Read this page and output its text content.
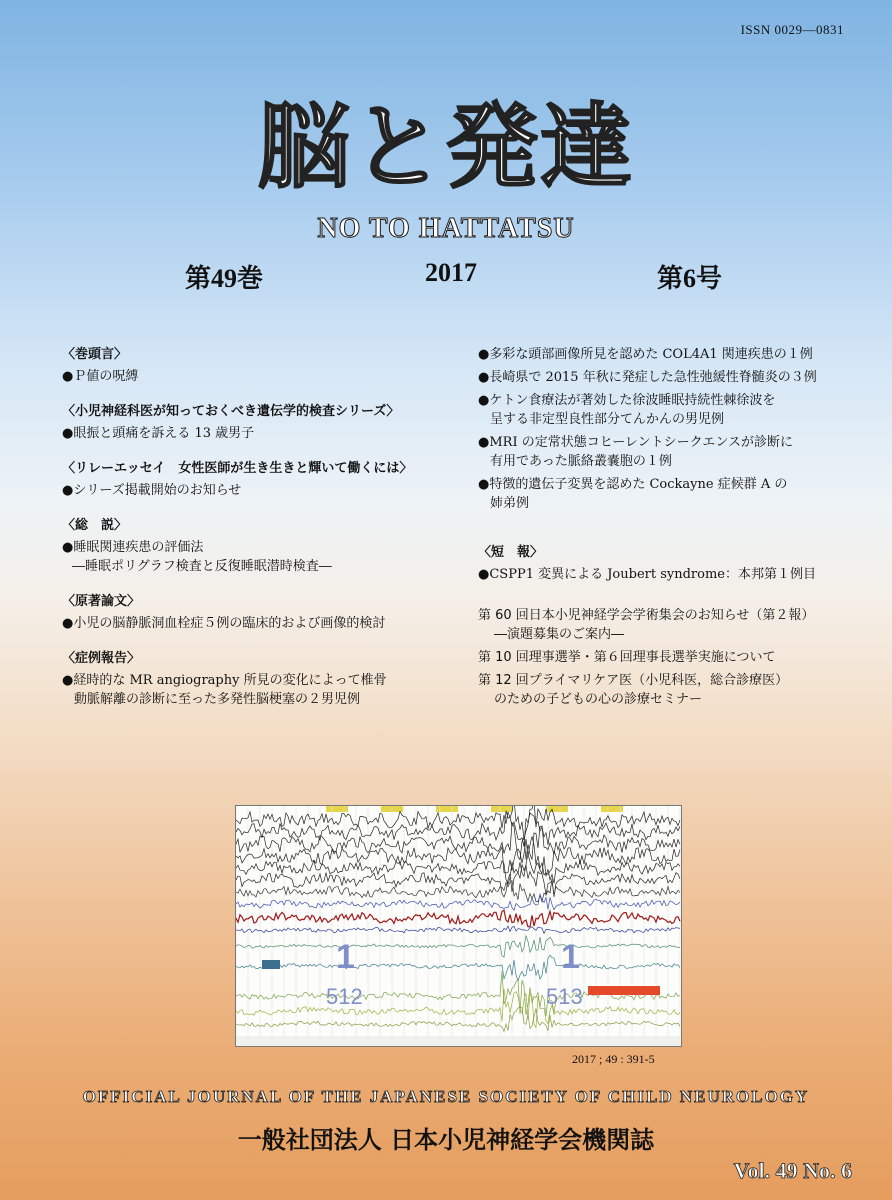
ISSN 0029―0831
脳と発達
NO TO HATTATSU
第49巻	2017	第6号
〈巻頭言〉
●Ｐ値の呪縛
〈小児神経科医が知っておくべき遺伝学的検査シリーズ〉
●眼振と頭痛を訴える 13 歳男子
〈リレーエッセイ　女性医師が生き生きと輝いて働くには〉
●シリーズ掲載開始のお知らせ
〈総　説〉
●睡眠関連疾患の評価法
―睡眠ポリグラフ検査と反復睡眠潜時検査―
〈原著論文〉
●小児の脳静脈洞血栓症５例の臨床的および画像的検討
〈症例報告〉
●経時的な MR angiography 所見の変化によって椎骨
動脈解離の診断に至った多発性脳梗塞の２男児例
●多彩な頭部画像所見を認めた COL4A1 関連疾患の１例
●長崎県で 2015 年秋に発症した急性弛緩性脊髄炎の３例
●ケトン食療法が著効した徐波睡眠持続性棘徐波を
呈する非定型良性部分てんかんの男児例
●MRI の定常状態コヒーレントシークエンスが診断に
有用であった脈絡叢嚢胞の１例
●特徴的遺伝子変異を認めた Cockayne 症候群 A の
姉弟例
〈短　報〉
●CSPP1 変異による Joubert syndrome：本邦第１例目
第 60 回日本小児神経学会学術集会のお知らせ（第２報）
―演題募集のご案内―
第 10 回理事選挙・第６回理事長選挙実施について
第 12 回プライマリケア医（小児科医，総合診療医）
のための子どもの心の診療セミナー
1
512
1
513
2017 ; 49 : 391-5
OFFICIAL JOURNAL OF THE JAPANESE SOCIETY OF CHILD NEUROLOGY
一般社団法人 日本小児神経学会機関誌
Vol. 49 No. 6
